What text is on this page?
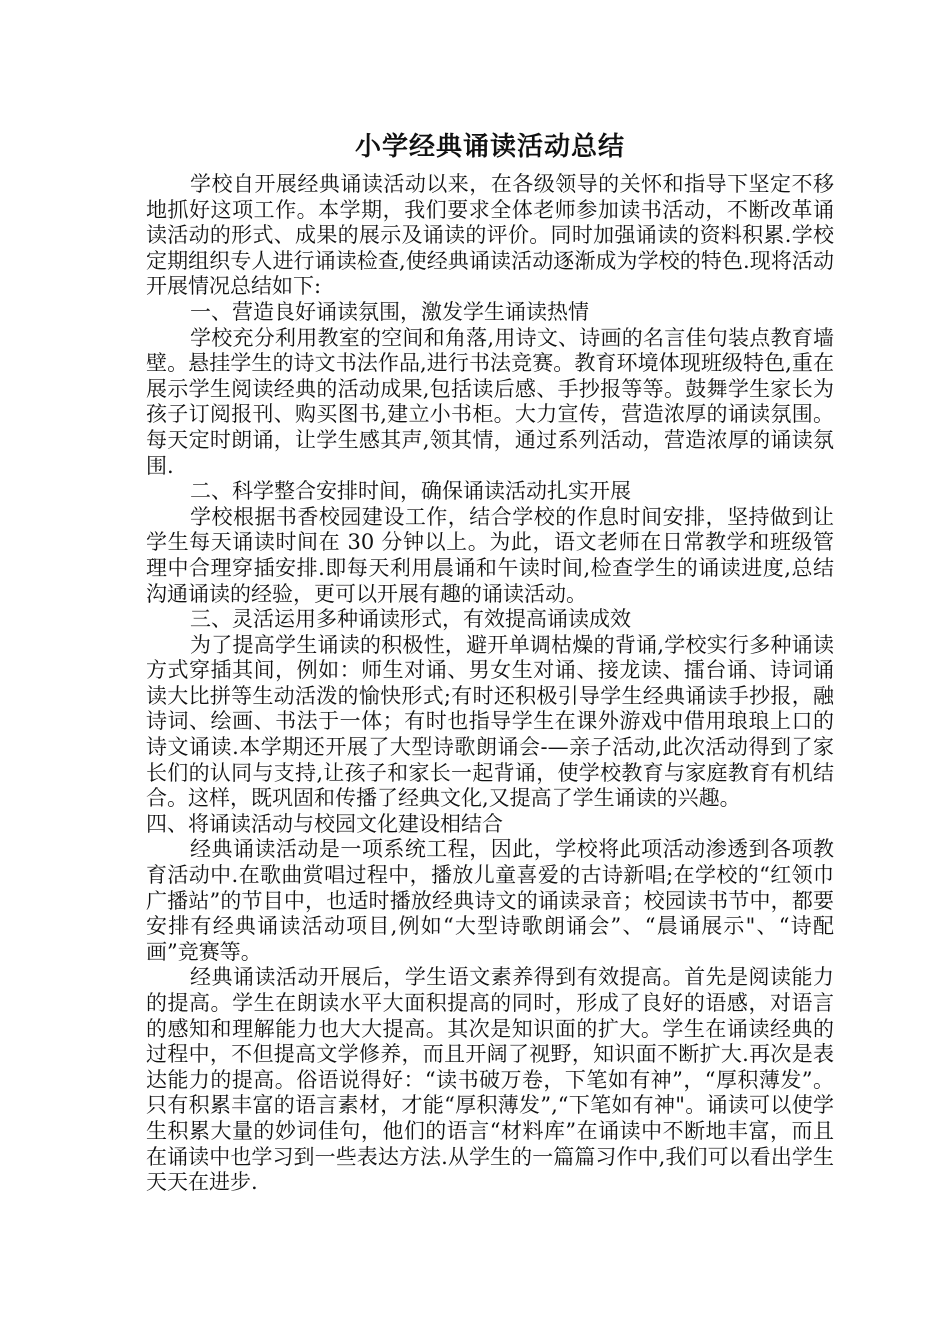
小学经典诵读活动总结

学校自开展经典诵读活动以来，在各级领导的关怀和指导下坚定不移地抓好这项工作。本学期，我们要求全体老师参加读书活动，不断改革诵读活动的形式、成果的展示及诵读的评价。同时加强诵读的资料积累.学校定期组织专人进行诵读检查,使经典诵读活动逐渐成为学校的特色.现将活动开展情况总结如下:

一、营造良好诵读氛围，激发学生诵读热情

学校充分利用教室的空间和角落,用诗文、诗画的名言佳句装点教育墙壁。悬挂学生的诗文书法作品,进行书法竞赛。教育环境体现班级特色,重在展示学生阅读经典的活动成果,包括读后感、手抄报等等。鼓舞学生家长为孩子订阅报刊、购买图书,建立小书柜。大力宣传，营造浓厚的诵读氛围。每天定时朗诵，让学生感其声,领其情，通过系列活动，营造浓厚的诵读氛围.

二、科学整合安排时间，确保诵读活动扎实开展

学校根据书香校园建设工作，结合学校的作息时间安排，坚持做到让学生每天诵读时间在 30 分钟以上。为此，语文老师在日常教学和班级管理中合理穿插安排.即每天利用晨诵和午读时间,检查学生的诵读进度,总结沟通诵读的经验，更可以开展有趣的诵读活动。

三、灵活运用多种诵读形式，有效提高诵读成效

为了提高学生诵读的积极性，避开单调枯燥的背诵,学校实行多种诵读方式穿插其间，例如：师生对诵、男女生对诵、接龙读、擂台诵、诗词诵读大比拼等生动活泼的愉快形式;有时还积极引导学生经典诵读手抄报，融诗词、绘画、书法于一体；有时也指导学生在课外游戏中借用琅琅上口的诗文诵读.本学期还开展了大型诗歌朗诵会-—亲子活动,此次活动得到了家长们的认同与支持,让孩子和家长一起背诵，使学校教育与家庭教育有机结合。这样，既巩固和传播了经典文化,又提高了学生诵读的兴趣。

四、将诵读活动与校园文化建设相结合

经典诵读活动是一项系统工程，因此，学校将此项活动渗透到各项教育活动中.在歌曲赏唱过程中，播放儿童喜爱的古诗新唱;在学校的“红领巾广播站”的节目中，也适时播放经典诗文的诵读录音；校园读书节中，都要安排有经典诵读活动项目,例如“大型诗歌朗诵会”、“晨诵展示"、“诗配画”竞赛等。

经典诵读活动开展后，学生语文素养得到有效提高。首先是阅读能力的提高。学生在朗读水平大面积提高的同时，形成了良好的语感，对语言的感知和理解能力也大大提高。其次是知识面的扩大。学生在诵读经典的过程中，不但提高文学修养，而且开阔了视野，知识面不断扩大.再次是表达能力的提高。俗语说得好：“读书破万卷，下笔如有神”，“厚积薄发”。只有积累丰富的语言素材，才能“厚积薄发”,“下笔如有神"。诵读可以使学生积累大量的妙词佳句，他们的语言“材料库”在诵读中不断地丰富，而且在诵读中也学习到一些表达方法.从学生的一篇篇习作中,我们可以看出学生天天在进步.
